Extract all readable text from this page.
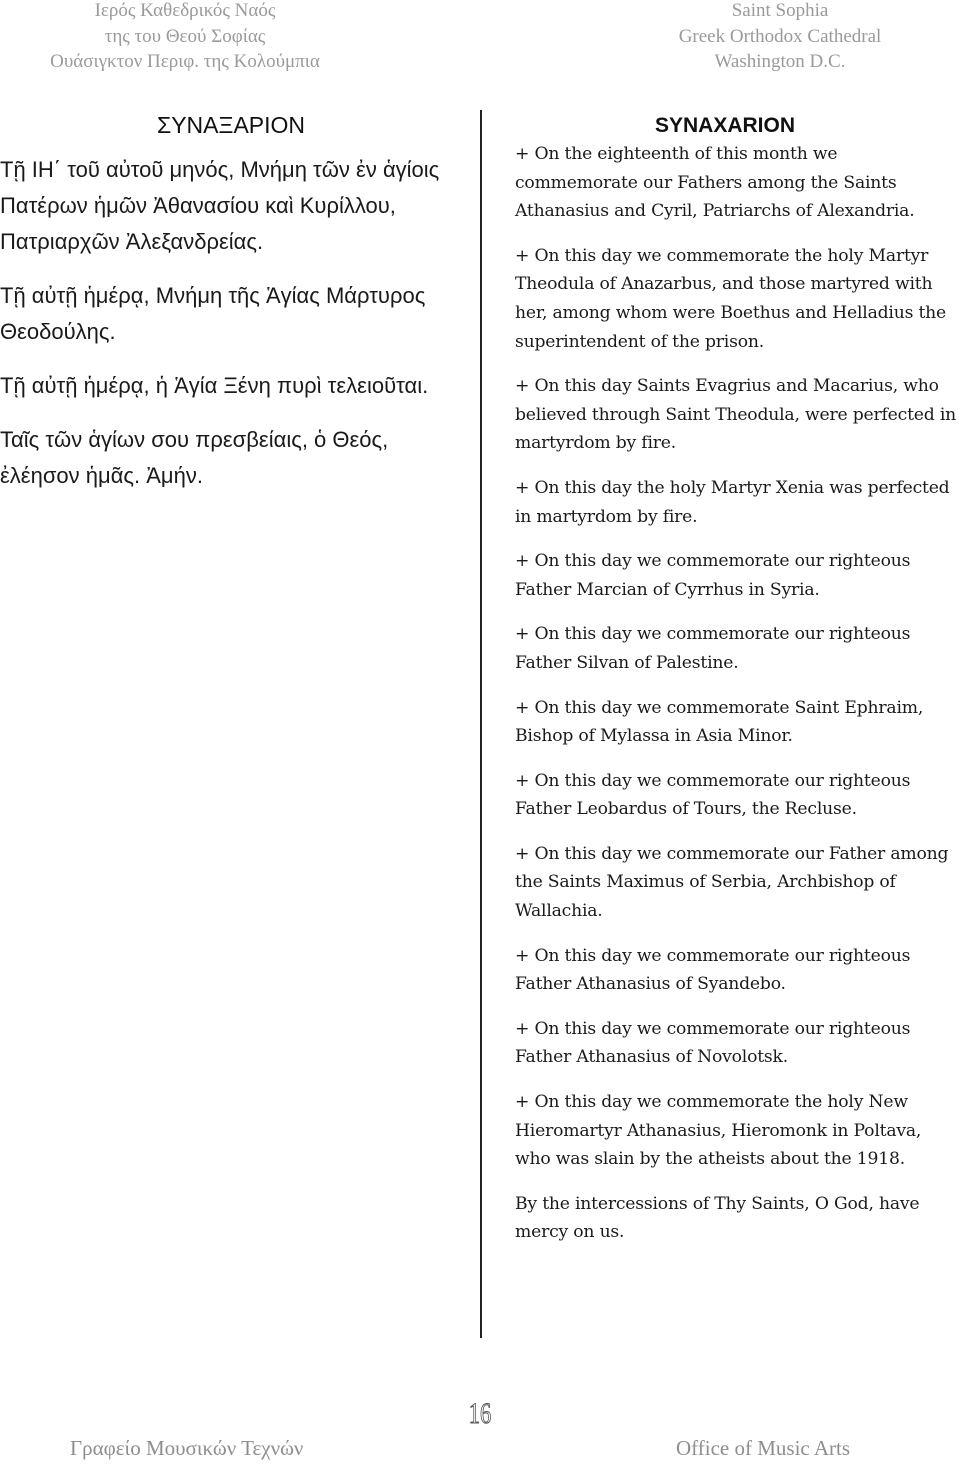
Ιερός Καθεδρικός Ναός
της του Θεού Σοφίας
Ουάσιγκτον Περιφ. της Κολούμπια
Saint Sophia
Greek Orthodox Cathedral
Washington D.C.
ΣΥΝΑΞΑΡΙΟΝ

Τῇ ΙΗ΄ τοῦ αὐτοῦ μηνός, Μνήμη τῶν ἐν ἁγίοις Πατέρων ἡμῶν Ἀθανασίου καὶ Κυρίλλου, Πατριαρχῶν Ἀλεξανδρείας.

Τῇ αὐτῇ ἡμέρᾳ, Μνήμη τῆς Ἁγίας Μάρτυρος Θεοδούλης.

Τῇ αὐτῇ ἡμέρᾳ, ἡ Ἁγία Ξένη πυρὶ τελειοῦται.

Ταῖς τῶν ἁγίων σου πρεσβείαις, ὁ Θεός, ἐλέησον ἡμᾶς. Ἀμήν.

SYNAXARION

+ On the eighteenth of this month we commemorate our Fathers among the Saints Athanasius and Cyril, Patriarchs of Alexandria.

+ On this day we commemorate the holy Martyr Theodula of Anazarbus, and those martyred with her, among whom were Boethus and Helladius the superintendent of the prison.

+ On this day Saints Evagrius and Macarius, who believed through Saint Theodula, were perfected in martyrdom by fire.

+ On this day the holy Martyr Xenia was perfected in martyrdom by fire.

+ On this day we commemorate our righteous Father Marcian of Cyrrhus in Syria.

+ On this day we commemorate our righteous Father Silvan of Palestine.

+ On this day we commemorate Saint Ephraim, Bishop of Mylassa in Asia Minor.

+ On this day we commemorate our righteous Father Leobardus of Tours, the Recluse.

+ On this day we commemorate our Father among the Saints Maximus of Serbia, Archbishop of Wallachia.

+ On this day we commemorate our righteous Father Athanasius of Syandebo.

+ On this day we commemorate our righteous Father Athanasius of Novolotsk.

+ On this day we commemorate the holy New Hieromartyr Athanasius, Hieromonk in Poltava, who was slain by the atheists about the 1918.

By the intercessions of Thy Saints, O God, have mercy on us.

16
Γραφείο Μουσικών Τεχνών	Office of Music Arts
